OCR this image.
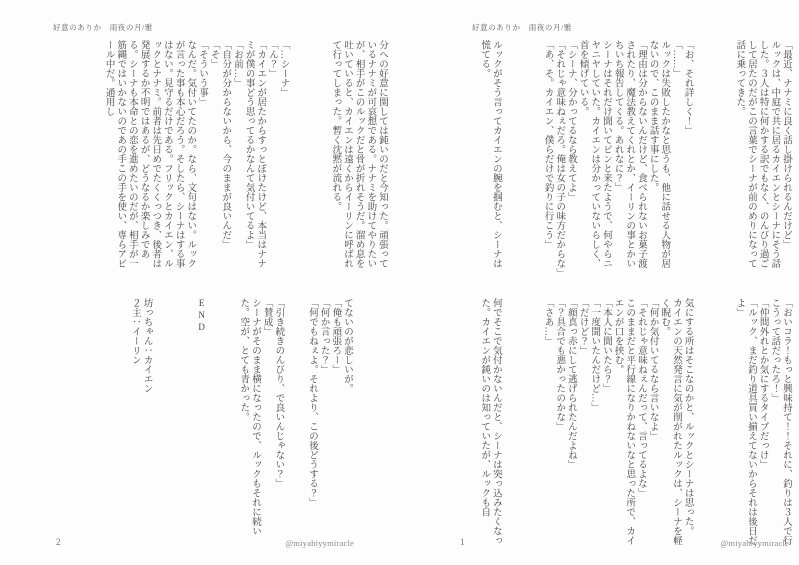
好意のありか　雨夜の月/雅

「最近、ナナミに良く話し掛けられるんだけど」

ルックは、中庭で共に居るカイエンとシーナにそう話した。３人は特に何かする訳でもなく、のんびり過ごして居たのだがこの言葉でシーナが前のめりになって話に乗ってきた。

「お、それ詳しく！」

「……」

ルックは失敗したかなと思うも、他に話せる人物が居ないので、このまま話す事にした。

「理由は分からないんだけど、食べられないお菓子渡されたり、魔法教えてくれとか、イーリンの事とかいちいち報告してくる。あれなに？」

シーナはそれだけ聞いてピンと来たようで、何やらニヤニヤしていた。カイエンは分かっていないらしく、首を傾げている。

「シーナ、分かってるなら教えてよ」

「それじゃ意味ねぇだろ。俺は女の子の味方だからな」

「あ、そ。カイエン、僕らだけで釣りに行こう」

ルックがそう言ってカイエンの腕を掴むと、シーナは慌てる。

「おいコラ！もっと興味持て！！それに、釣りは３人で行こうって話だったろ！」

「仲間外れとか気にするタイプだっけ」

「ルック、まだ釣り道具買い揃えてないからそれは後日だよ」

気にする所はそこなのかと、ルックとシーナは思った。

カイエンの天然発言に気が削がれたルックは、シーナを軽く睨む。

「何か気付いてるなら言いなよ」

「それじゃ意味ねぇんだって、言ってるよな」

このままだと平行線になりかねないなと思った所で、カイエンが口を挟む。

「本人に聞いたら？」

「一度聞いたんだけど…」

「だけど？」

「顔真っ赤にして逃げられたんだよね」

「？具合でも悪かったのかな」

「さあ…」

何でそこで気付かないんだと、シーナは突っ込みたくなった。カイエンが鈍いのは知っていたが、ルックも自

1	@miyabiyymiracle
好意のありか　雨夜の月/雅

分への好意に関しては鈍いのだと今知った。頑張っているナナミが可哀想である。ナナミを助けてやりたいが、相手がこのルックだと骨が折れそうだ。溜め息を吐いていると、カイエンは遠くからイーリンに呼ばれて行ってしまった。暫く沈黙が流れる。

「…シーナ」

「ん？」

「カイエンが居たからすっとぼけたけど、本当はナナミが僕の事どう思ってるかなんて気付いてるよ」

「お前…」

「自分が分からないから、今のままが良いんだ」

「そ」

「そういう事」

なんだ。気付いてたのか。なら、文句はない。ルックが言った事も本心だろう。そしたら、シーナはする事はない。見守るだけである。フリックとカイエン、ルックとナナミ。前者は先日めでたくくっつき、後者は発展するか不明ではあるが、どうなるか楽しみである。シーナも本命との恋を進めたいのだが、相手が一筋縄ではいかないのであの手この手を使い、専らアピール中だ。通用し

てないのが悲しいが。

「俺も頑張ろー」

「何か言った？」

「何でもねぇよ。それより、この後どうする？」

「引き続きのんびり、で良いんじゃない？」

「賛成」

シーナがそのまま横になったので、ルックもそれに続いた。空が、とても青かった。

END

坊っちゃん：カイエン

２主：イーリン

2	@miyabiyymiracle
